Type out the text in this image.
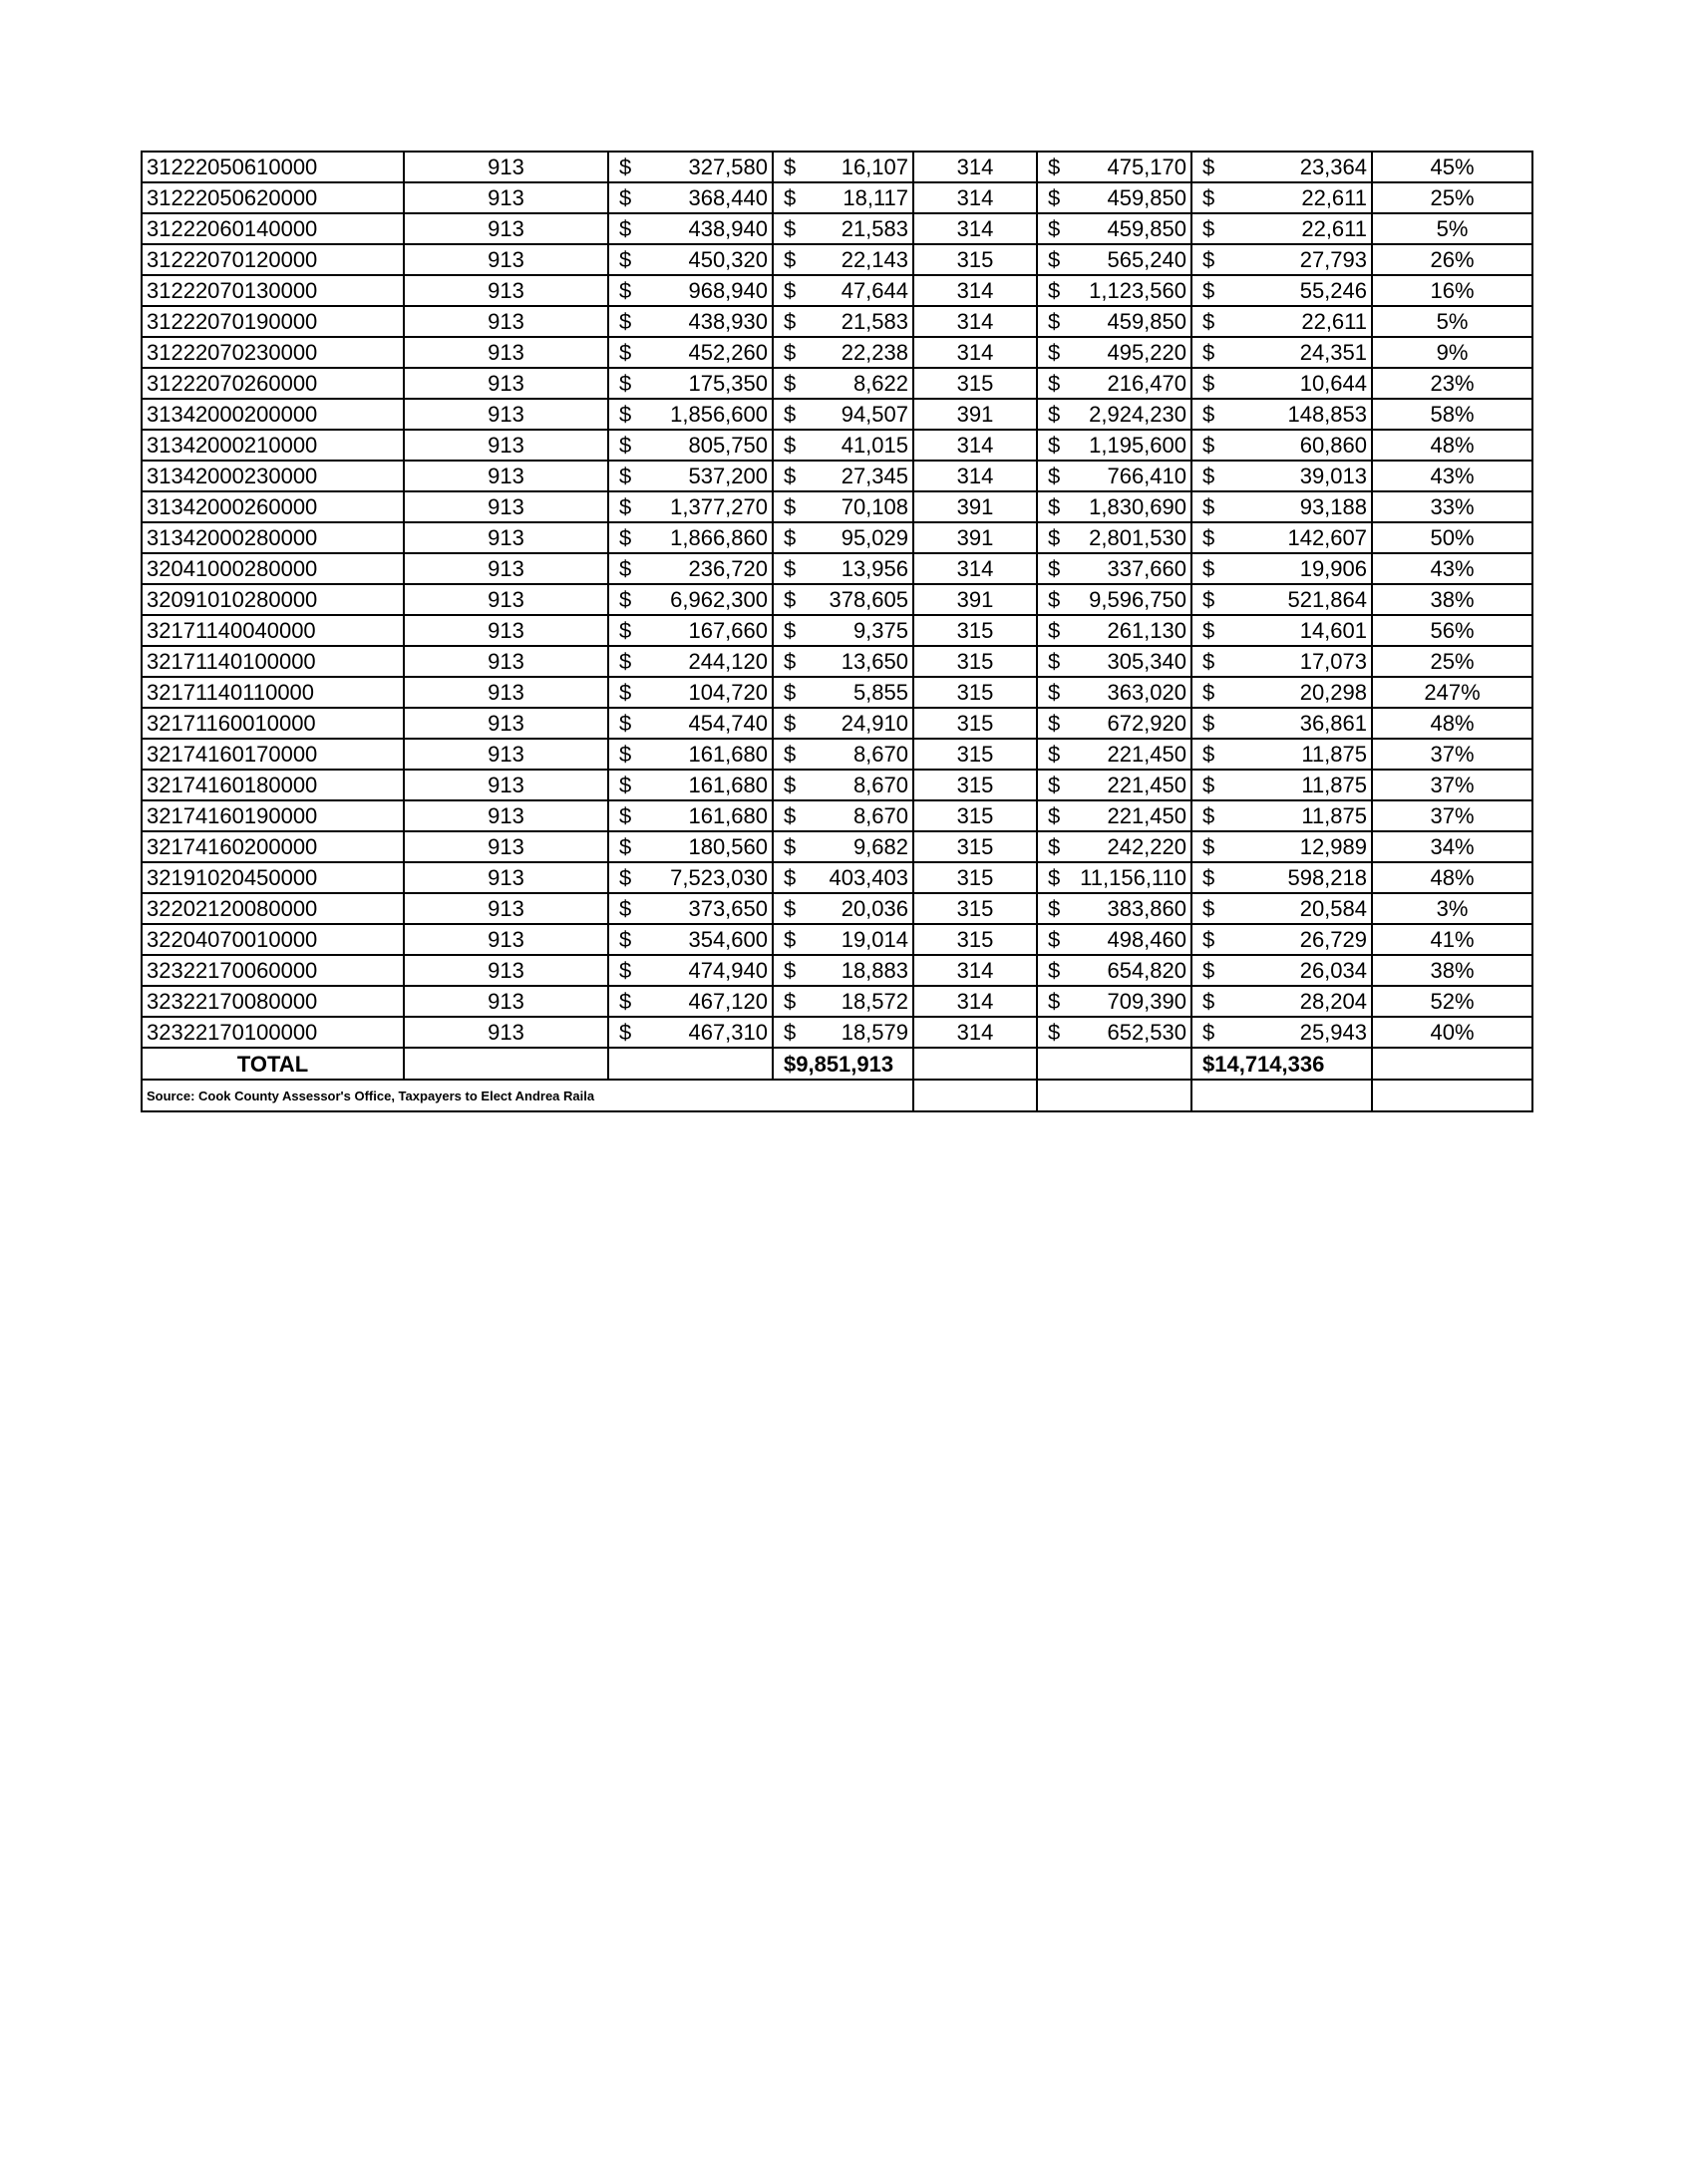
31222050610000	913	$ 327,580	$ 16,107	314	$ 475,170	$ 23,364	45%
31222050620000	913	$ 368,440	$ 18,117	314	$ 459,850	$ 22,611	25%
31222060140000	913	$ 438,940	$ 21,583	314	$ 459,850	$ 22,611	5%
31222070120000	913	$ 450,320	$ 22,143	315	$ 565,240	$ 27,793	26%
31222070130000	913	$ 968,940	$ 47,644	314	$ 1,123,560	$ 55,246	16%
31222070190000	913	$ 438,930	$ 21,583	314	$ 459,850	$ 22,611	5%
31222070230000	913	$ 452,260	$ 22,238	314	$ 495,220	$ 24,351	9%
31222070260000	913	$ 175,350	$ 8,622	315	$ 216,470	$ 10,644	23%
31342000200000	913	$ 1,856,600	$ 94,507	391	$ 2,924,230	$ 148,853	58%
31342000210000	913	$ 805,750	$ 41,015	314	$ 1,195,600	$ 60,860	48%
31342000230000	913	$ 537,200	$ 27,345	314	$ 766,410	$ 39,013	43%
31342000260000	913	$ 1,377,270	$ 70,108	391	$ 1,830,690	$ 93,188	33%
31342000280000	913	$ 1,866,860	$ 95,029	391	$ 2,801,530	$ 142,607	50%
32041000280000	913	$ 236,720	$ 13,956	314	$ 337,660	$ 19,906	43%
32091010280000	913	$ 6,962,300	$ 378,605	391	$ 9,596,750	$ 521,864	38%
32171140040000	913	$ 167,660	$ 9,375	315	$ 261,130	$ 14,601	56%
32171140100000	913	$ 244,120	$ 13,650	315	$ 305,340	$ 17,073	25%
32171140110000	913	$ 104,720	$ 5,855	315	$ 363,020	$ 20,298	247%
32171160010000	913	$ 454,740	$ 24,910	315	$ 672,920	$ 36,861	48%
32174160170000	913	$ 161,680	$ 8,670	315	$ 221,450	$ 11,875	37%
32174160180000	913	$ 161,680	$ 8,670	315	$ 221,450	$ 11,875	37%
32174160190000	913	$ 161,680	$ 8,670	315	$ 221,450	$ 11,875	37%
32174160200000	913	$ 180,560	$ 9,682	315	$ 242,220	$ 12,989	34%
32191020450000	913	$ 7,523,030	$ 403,403	315	$ 11,156,110	$ 598,218	48%
32202120080000	913	$ 373,650	$ 20,036	315	$ 383,860	$ 20,584	3%
32204070010000	913	$ 354,600	$ 19,014	315	$ 498,460	$ 26,729	41%
32322170060000	913	$ 474,940	$ 18,883	314	$ 654,820	$ 26,034	38%
32322170080000	913	$ 467,120	$ 18,572	314	$ 709,390	$ 28,204	52%
32322170100000	913	$ 467,310	$ 18,579	314	$ 652,530	$ 25,943	40%
TOTAL			$9,851,913			$14,714,336	
Source: Cook County Assessor's Office, Taxpayers to Elect Andrea Raila							
